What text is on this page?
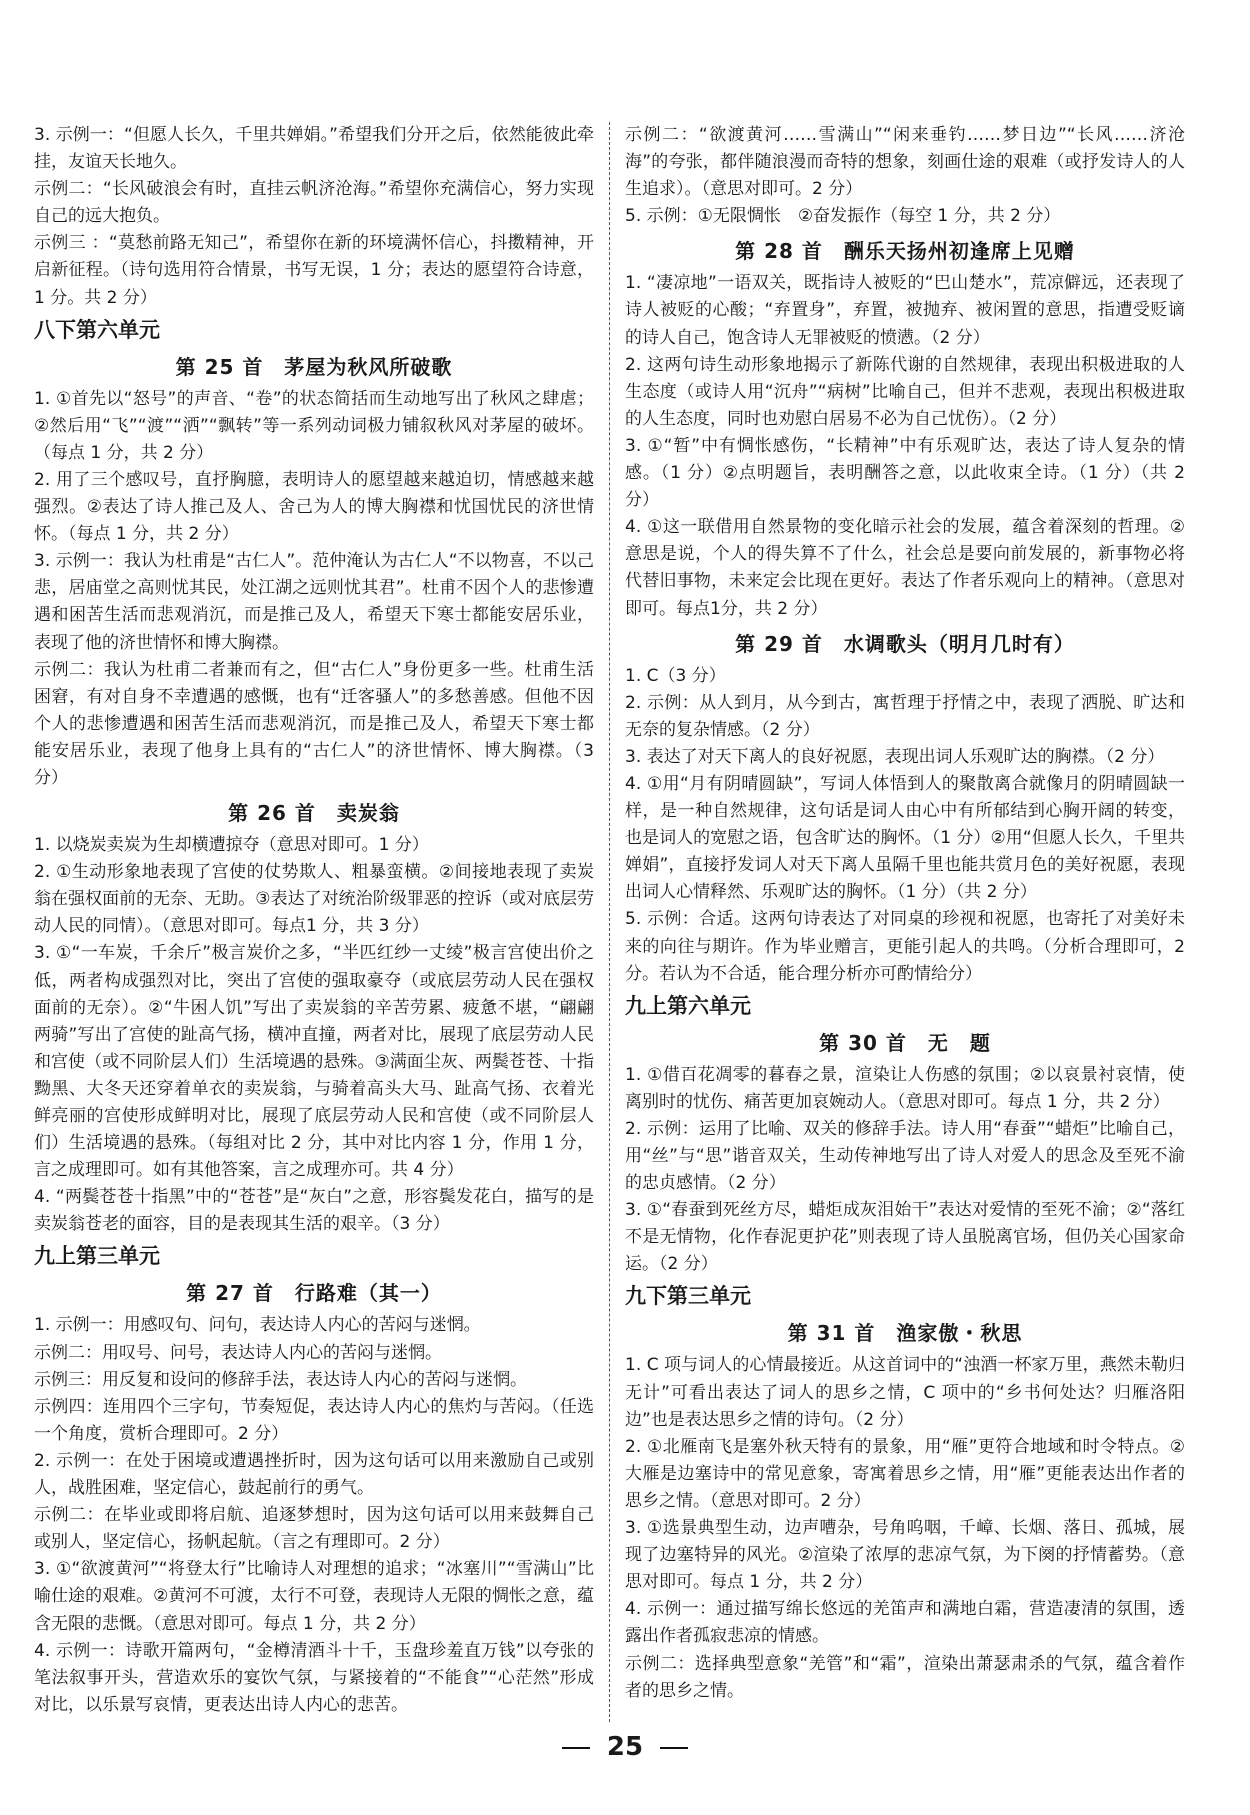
3. 示例一：“但愿人长久，千里共婵娟。”希望我们分开之后，依然能彼此牵挂，友谊天长地久。
示例二：“长风破浪会有时，直挂云帆济沧海。”希望你充满信心，努力实现自己的远大抱负。
示例三 ：“莫愁前路无知己”，希望你在新的环境满怀信心，抖擞精神，开启新征程。（诗句选用符合情景，书写无误，1 分；表达的愿望符合诗意，1 分。共 2 分）
八下第六单元
第 25 首　茅屋为秋风所破歌
1. ①首先以“怒号”的声音、“卷”的状态简括而生动地写出了秋风之肆虐；②然后用“飞”“渡”“洒”“飘转”等一系列动词极力铺叙秋风对茅屋的破坏。（每点 1 分，共 2 分）
2. 用了三个感叹号，直抒胸臆，表明诗人的愿望越来越迫切，情感越来越强烈。②表达了诗人推己及人、舍己为人的博大胸襟和忧国忧民的济世情怀。（每点 1 分，共 2 分）
3. 示例一：我认为杜甫是“古仁人”。范仲淹认为古仁人“不以物喜，不以己悲，居庙堂之高则忧其民，处江湖之远则忧其君”。杜甫不因个人的悲惨遭遇和困苦生活而悲观消沉，而是推己及人，希望天下寒士都能安居乐业，表现了他的济世情怀和博大胸襟。
示例二：我认为杜甫二者兼而有之，但“古仁人”身份更多一些。杜甫生活困窘，有对自身不幸遭遇的感慨，也有“迁客骚人”的多愁善感。但他不因个人的悲惨遭遇和困苦生活而悲观消沉，而是推己及人，希望天下寒士都能安居乐业，表现了他身上具有的“古仁人”的济世情怀、博大胸襟。（3 分）
第 26 首　卖炭翁
1. 以烧炭卖炭为生却横遭掠夺（意思对即可。1 分）
2. ①生动形象地表现了宫使的仗势欺人、粗暴蛮横。②间接地表现了卖炭翁在强权面前的无奈、无助。③表达了对统治阶级罪恶的控诉（或对底层劳动人民的同情）。（意思对即可。每点1 分，共 3 分）
3. ①“一车炭，千余斤”极言炭价之多，“半匹红纱一丈绫”极言宫使出价之低，两者构成强烈对比，突出了宫使的强取豪夺（或底层劳动人民在强权面前的无奈）。②“牛困人饥”写出了卖炭翁的辛苦劳累、疲惫不堪，“翩翩两骑”写出了宫使的趾高气扬，横冲直撞，两者对比，展现了底层劳动人民和宫使（或不同阶层人们）生活境遇的悬殊。③满面尘灰、两鬓苍苍、十指黝黑、大冬天还穿着单衣的卖炭翁，与骑着高头大马、趾高气扬、衣着光鲜亮丽的宫使形成鲜明对比，展现了底层劳动人民和宫使（或不同阶层人们）生活境遇的悬殊。（每组对比 2 分，其中对比内容 1 分，作用 1 分，言之成理即可。如有其他答案，言之成理亦可。共 4 分）
4. “两鬓苍苍十指黑”中的“苍苍”是“灰白”之意，形容鬓发花白，描写的是卖炭翁苍老的面容，目的是表现其生活的艰辛。（3 分）
九上第三单元
第 27 首　行路难（其一）
1. 示例一：用感叹句、问句，表达诗人内心的苦闷与迷惘。
示例二：用叹号、问号，表达诗人内心的苦闷与迷惘。
示例三：用反复和设问的修辞手法，表达诗人内心的苦闷与迷惘。
示例四：连用四个三字句，节奏短促，表达诗人内心的焦灼与苦闷。（任选一个角度，赏析合理即可。2 分）
2. 示例一：在处于困境或遭遇挫折时，因为这句话可以用来激励自己或别人，战胜困难，坚定信心，鼓起前行的勇气。
示例二：在毕业或即将启航、追逐梦想时，因为这句话可以用来鼓舞自己或别人，坚定信心，扬帆起航。（言之有理即可。2 分）
3. ①“欲渡黄河”“将登太行”比喻诗人对理想的追求；“冰塞川”“雪满山”比喻仕途的艰难。②黄河不可渡，太行不可登，表现诗人无限的惆怅之意，蕴含无限的悲慨。（意思对即可。每点 1 分，共 2 分）
4. 示例一：诗歌开篇两句，“金樽清酒斗十千，玉盘珍羞直万钱”以夸张的笔法叙事开头，营造欢乐的宴饮气氛，与紧接着的“不能食”“心茫然”形成对比，以乐景写哀情，更表达出诗人内心的悲苦。
示例二：“欲渡黄河……雪满山”“闲来垂钓……梦日边”“长风……济沧海”的夸张，都伴随浪漫而奇特的想象，刻画仕途的艰难（或抒发诗人的人生追求）。（意思对即可。2 分）
5. 示例：①无限惆怅　②奋发振作（每空 1 分，共 2 分）
第 28 首　酬乐天扬州初逢席上见赠
1. “凄凉地”一语双关，既指诗人被贬的“巴山楚水”，荒凉僻远，还表现了诗人被贬的心酸；“弃置身”，弃置，被抛弃、被闲置的意思，指遭受贬谪的诗人自己，饱含诗人无罪被贬的愤懑。（2 分）
2. 这两句诗生动形象地揭示了新陈代谢的自然规律，表现出积极进取的人生态度（或诗人用“沉舟”“病树”比喻自己，但并不悲观，表现出积极进取的人生态度，同时也劝慰白居易不必为自己忧伤）。（2 分）
3. ①“暂”中有惆怅感伤，“长精神”中有乐观旷达，表达了诗人复杂的情感。（1 分）②点明题旨，表明酬答之意，以此收束全诗。（1 分）（共 2 分）
4. ①这一联借用自然景物的变化暗示社会的发展，蕴含着深刻的哲理。②意思是说，个人的得失算不了什么，社会总是要向前发展的，新事物必将代替旧事物，未来定会比现在更好。表达了作者乐观向上的精神。（意思对即可。每点1分，共 2 分）
第 29 首　水调歌头（明月几时有）
1. C（3 分）
2. 示例：从人到月，从今到古，寓哲理于抒情之中，表现了洒脱、旷达和无奈的复杂情感。（2 分）
3. 表达了对天下离人的良好祝愿，表现出词人乐观旷达的胸襟。（2 分）
4. ①用“月有阴晴圆缺”，写词人体悟到人的聚散离合就像月的阴晴圆缺一样，是一种自然规律，这句话是词人由心中有所郁结到心胸开阔的转变，也是词人的宽慰之语，包含旷达的胸怀。（1 分）②用“但愿人长久，千里共婵娟”，直接抒发词人对天下离人虽隔千里也能共赏月色的美好祝愿，表现出词人心情释然、乐观旷达的胸怀。（1 分）（共 2 分）
5. 示例：合适。这两句诗表达了对同桌的珍视和祝愿，也寄托了对美好未来的向往与期许。作为毕业赠言，更能引起人的共鸣。（分析合理即可，2 分。若认为不合适，能合理分析亦可酌情给分）
九上第六单元
第 30 首　无　题
1. ①借百花凋零的暮春之景，渲染让人伤感的氛围；②以哀景衬哀情，使离别时的忧伤、痛苦更加哀婉动人。（意思对即可。每点 1 分，共 2 分）
2. 示例：运用了比喻、双关的修辞手法。诗人用“春蚕”“蜡炬”比喻自己，用“丝”与“思”谐音双关，生动传神地写出了诗人对爱人的思念及至死不渝的忠贞感情。（2 分）
3. ①“春蚕到死丝方尽，蜡炬成灰泪始干”表达对爱情的至死不渝；②“落红不是无情物，化作春泥更护花”则表现了诗人虽脱离官场，但仍关心国家命运。（2 分）
九下第三单元
第 31 首　渔家傲・秋思
1. C 项与词人的心情最接近。从这首词中的“浊酒一杯家万里，燕然未勒归无计”可看出表达了词人的思乡之情，C 项中的“乡书何处达？归雁洛阳边”也是表达思乡之情的诗句。（2 分）
2. ①北雁南飞是塞外秋天特有的景象，用“雁”更符合地域和时令特点。②大雁是边塞诗中的常见意象，寄寓着思乡之情，用“雁”更能表达出作者的思乡之情。（意思对即可。2 分）
3. ①选景典型生动，边声嘈杂，号角呜咽，千嶂、长烟、落日、孤城，展现了边塞特异的风光。②渲染了浓厚的悲凉气氛，为下阕的抒情蓄势。（意思对即可。每点 1 分，共 2 分）
4. 示例一：通过描写绵长悠远的羌笛声和满地白霜，营造凄清的氛围，透露出作者孤寂悲凉的情感。
示例二：选择典型意象“羌管”和“霜”，渲染出萧瑟肃杀的气氛，蕴含着作者的思乡之情。
25
